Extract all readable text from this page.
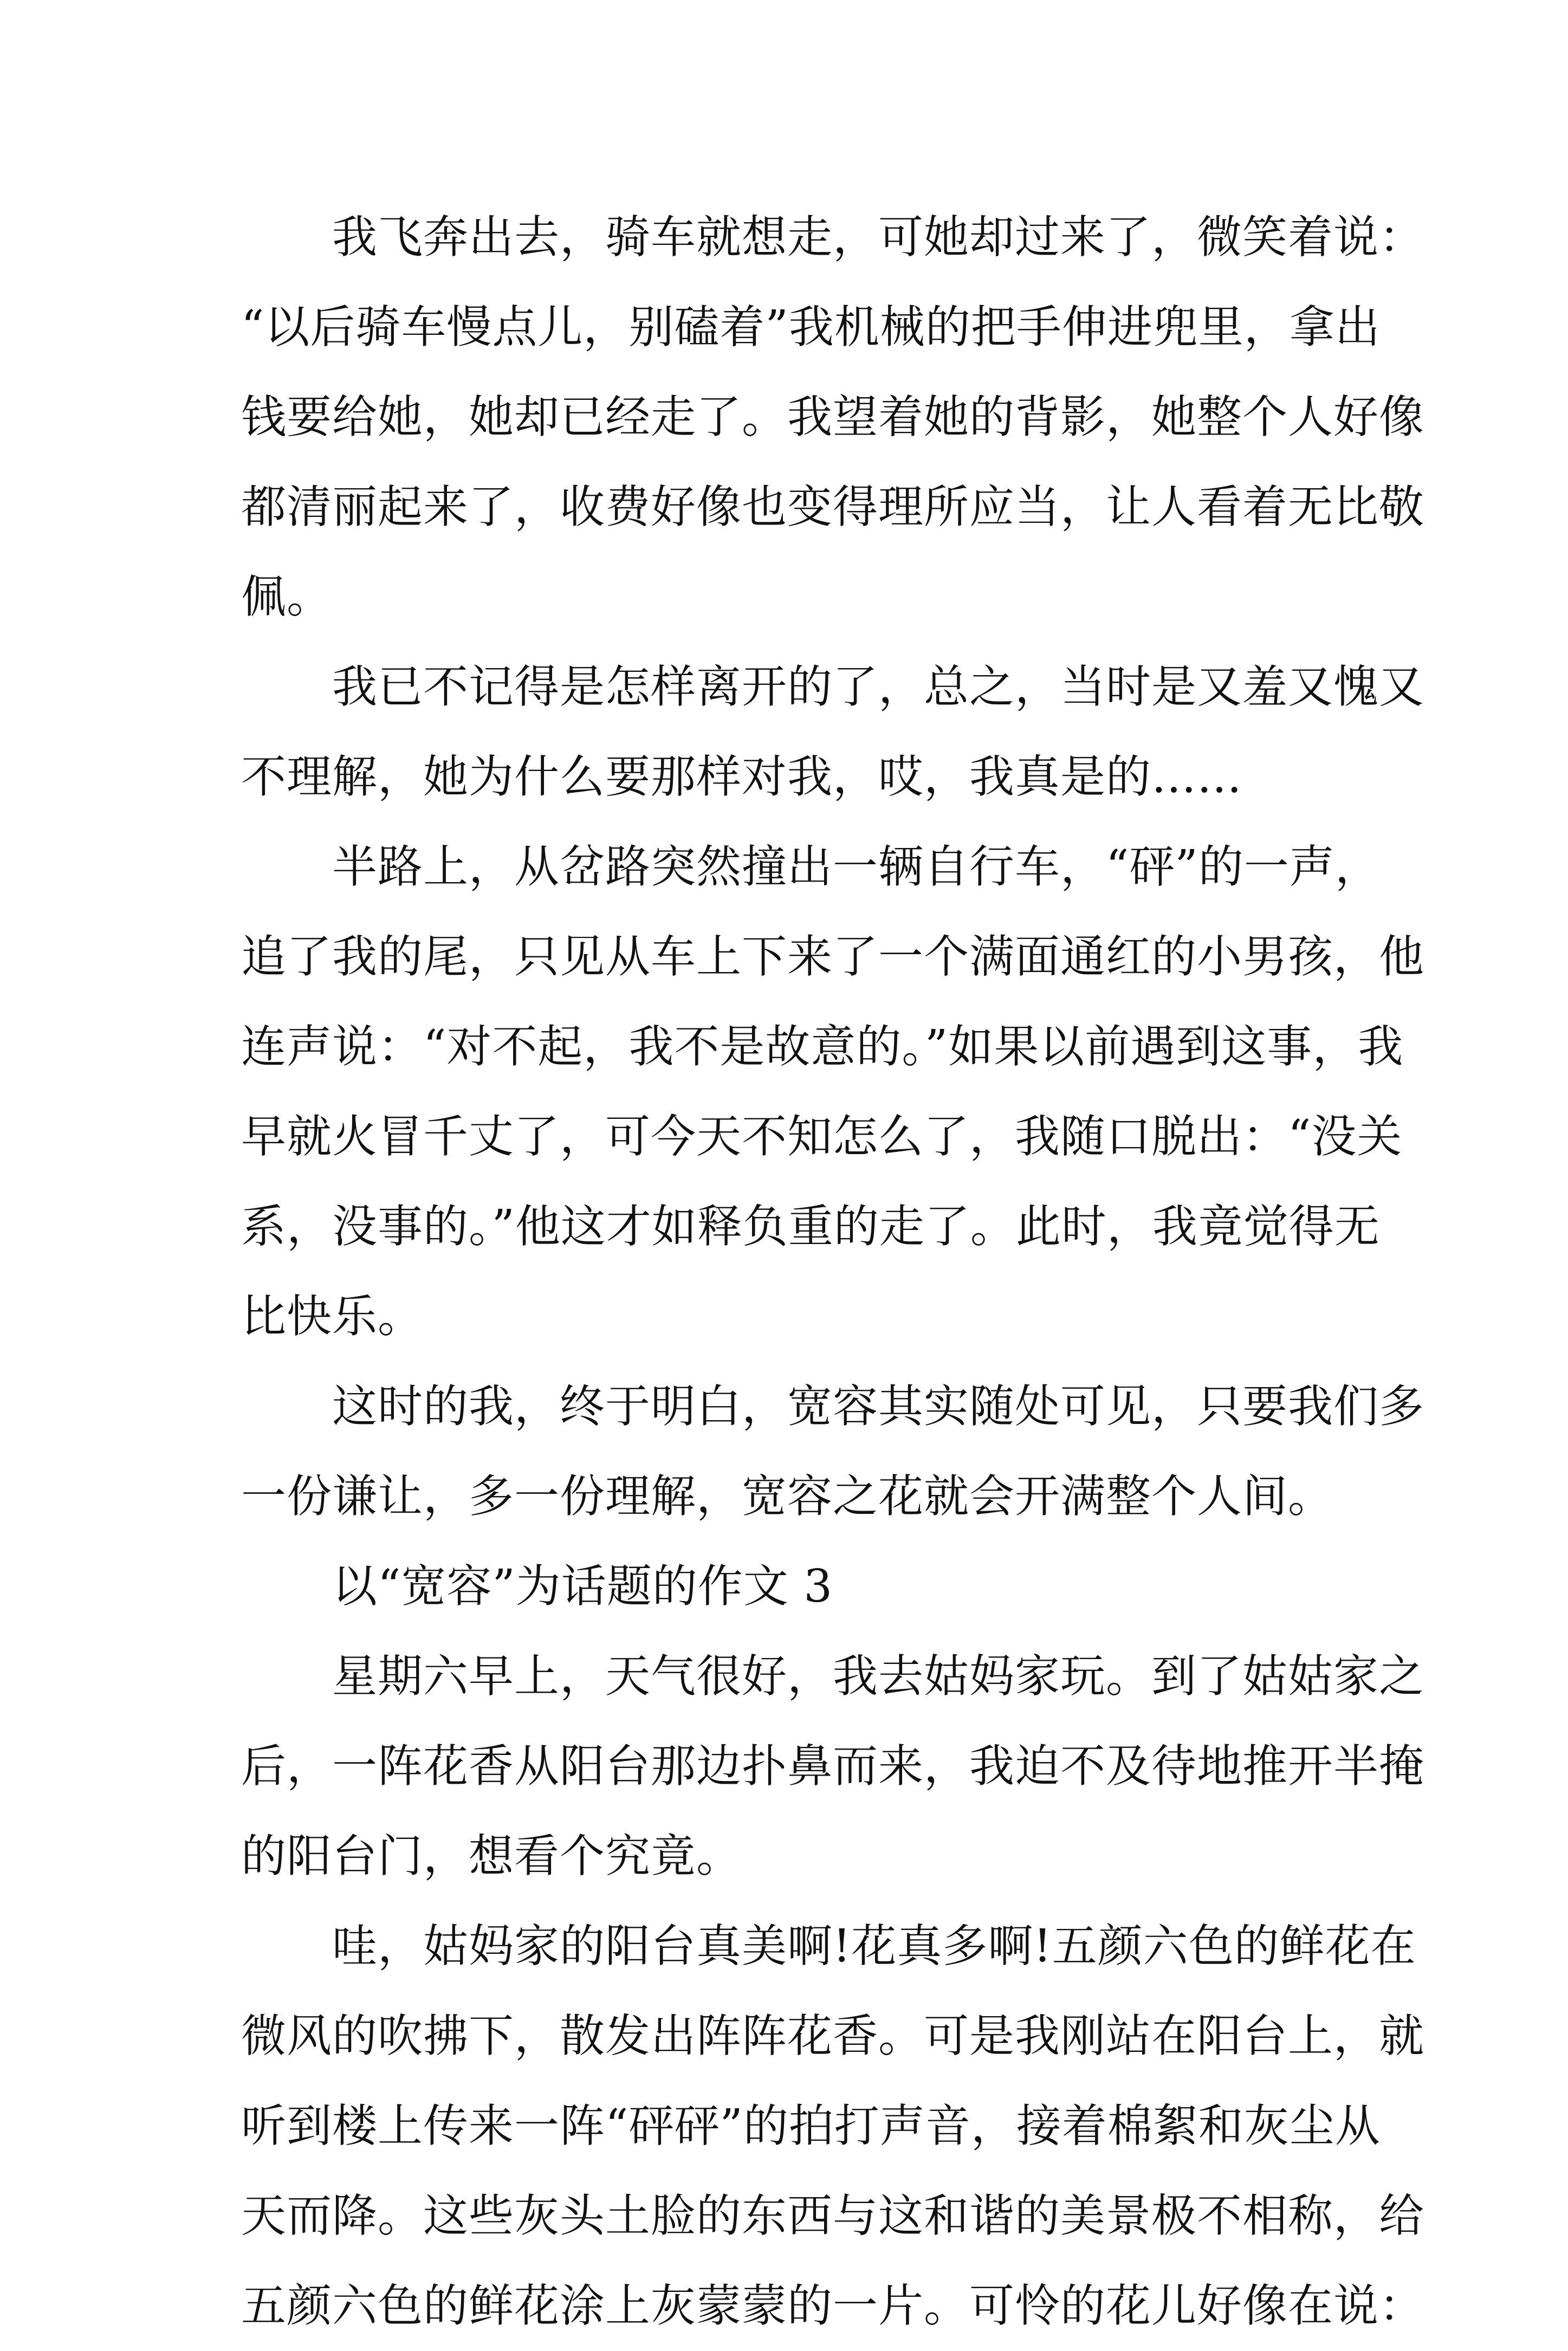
我飞奔出去，骑车就想走，可她却过来了，微笑着说：
“以后骑车慢点儿，别磕着”我机械的把手伸进兜里，拿出
钱要给她，她却已经走了。我望着她的背影，她整个人好像
都清丽起来了，收费好像也变得理所应当，让人看着无比敬
佩。
我已不记得是怎样离开的了，总之，当时是又羞又愧又
不理解，她为什么要那样对我，哎，我真是的……
半路上，从岔路突然撞出一辆自行车，“砰”的一声，
追了我的尾，只见从车上下来了一个满面通红的小男孩，他
连声说：“对不起，我不是故意的。”如果以前遇到这事，我
早就火冒千丈了，可今天不知怎么了，我随口脱出：“没关
系，没事的。”他这才如释负重的走了。此时，我竟觉得无
比快乐。
这时的我，终于明白，宽容其实随处可见，只要我们多
一份谦让，多一份理解，宽容之花就会开满整个人间。
以“宽容”为话题的作文 3
星期六早上，天气很好，我去姑妈家玩。到了姑姑家之
后，一阵花香从阳台那边扑鼻而来，我迫不及待地推开半掩
的阳台门，想看个究竟。
哇，姑妈家的阳台真美啊!花真多啊!五颜六色的鲜花在
微风的吹拂下，散发出阵阵花香。可是我刚站在阳台上，就
听到楼上传来一阵“砰砰”的拍打声音，接着棉絮和灰尘从
天而降。这些灰头土脸的东西与这和谐的美景极不相称，给
五颜六色的鲜花涂上灰蒙蒙的一片。可怜的花儿好像在说：
